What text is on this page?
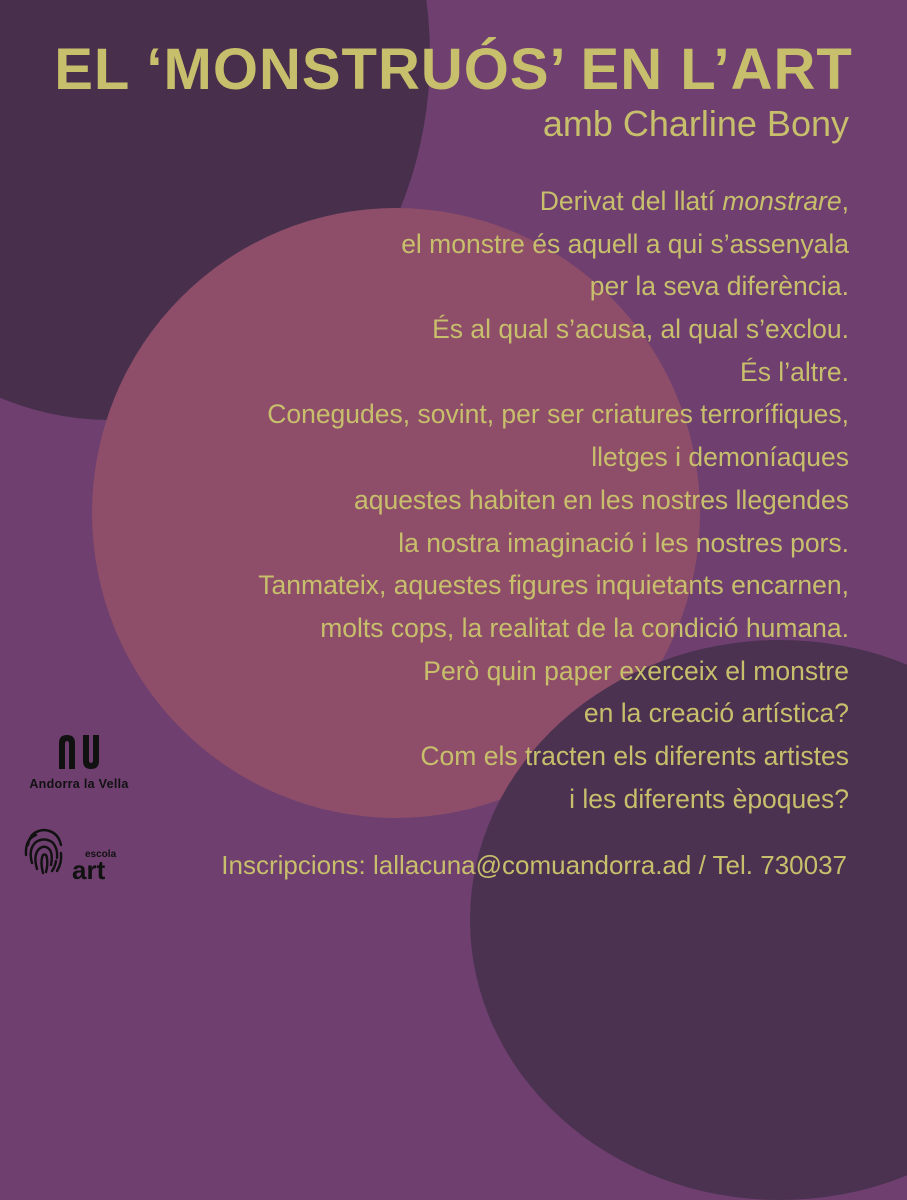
EL ‘MONSTRUÓS’ EN L’ART
amb Charline Bony
Derivat del llatí monstrare,
el monstre és aquell a qui s’assenyala
per la seva diferència.
És al qual s’acusa, al qual s’exclou.
És l’altre.
Conegudes, sovint, per ser criatures terrorífiques,
lletges i demoníaques
aquestes habiten en les nostres llegendes
la nostra imaginació i les nostres pors.
Tanmateix, aquestes figures inquietants encarnen,
molts cops, la realitat de la condició humana.
Però quin paper exerceix el monstre
en la creació artística?
Com els tracten els diferents artistes
i les diferents èpoques?
Andorra la Vella
escola
art	Inscripcions: lallacuna@comuandorra.ad / Tel. 730037
